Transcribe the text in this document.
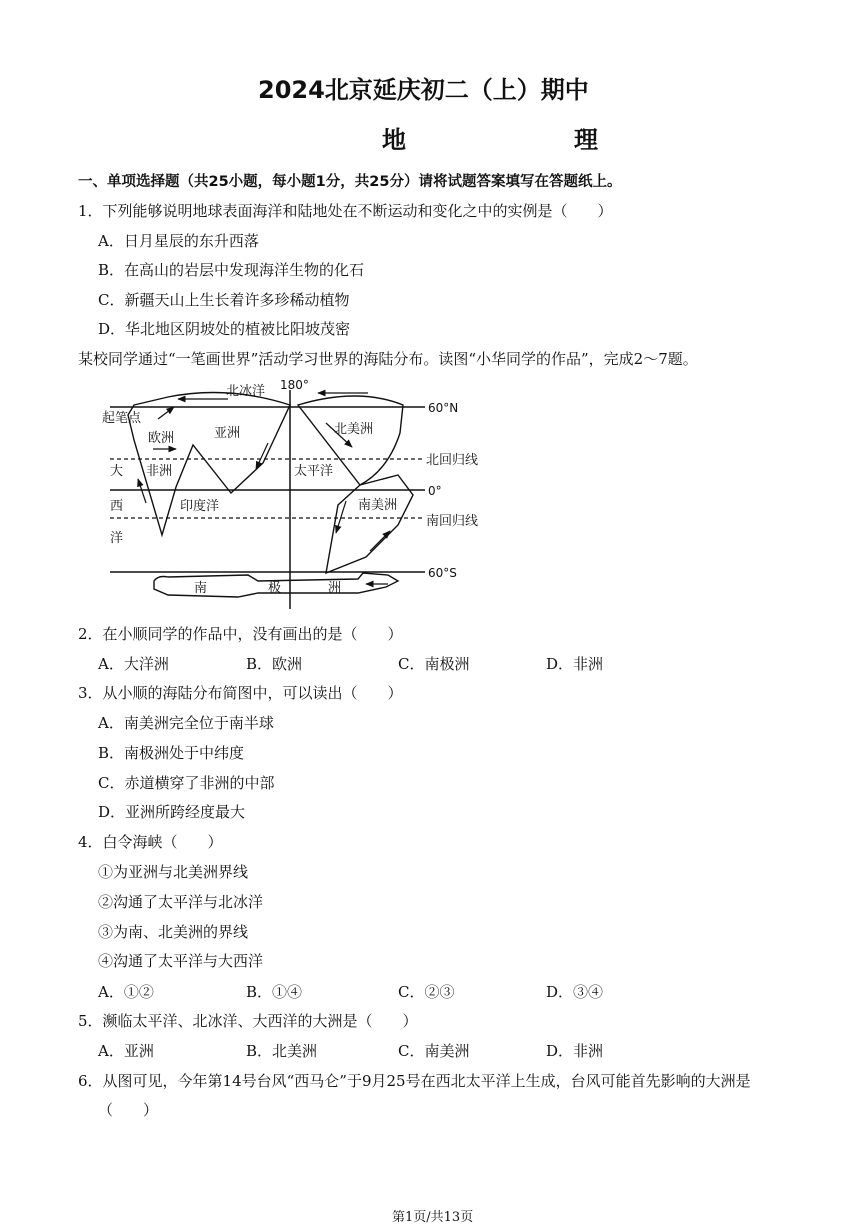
2024北京延庆初二（上）期中
地　　理
一、单项选择题（共25小题，每小题1分，共25分）请将试题答案填写在答题纸上。
1．下列能够说明地球表面海洋和陆地处在不断运动和变化之中的实例是（　　）
A．日月星辰的东升西落
B．在高山的岩层中发现海洋生物的化石
C．新疆天山上生长着许多珍稀动植物
D．华北地区阴坡处的植被比阳坡茂密
某校同学通过“一笔画世界”活动学习世界的海陆分布。读图“小华同学的作品”，完成2～7题。
北冰洋 180°
60°N
起笔点
欧洲	亚洲	北美洲
大 非洲	太平洋
北回归线
0°
西	印度洋	南美洲
南回归线
洋
60°S
南	极	洲
2．在小顺同学的作品中，没有画出的是（　　）
A．大洋洲	B．欧洲	C．南极洲	D．非洲
3．从小顺的海陆分布简图中，可以读出（　　）
A．南美洲完全位于南半球
B．南极洲处于中纬度
C．赤道横穿了非洲的中部
D．亚洲所跨经度最大
4．白令海峡（　　）
①为亚洲与北美洲界线
②沟通了太平洋与北冰洋
③为南、北美洲的界线
④沟通了太平洋与大西洋
A．①②	B．①④	C．②③	D．③④
5．濒临太平洋、北冰洋、大西洋的大洲是（　　）
A．亚洲	B．北美洲	C．南美洲	D．非洲
6．从图可见，今年第14号台风“西马仑”于9月25号在西北太平洋上生成，台风可能首先影响的大洲是
（　　）
第1页/共13页
